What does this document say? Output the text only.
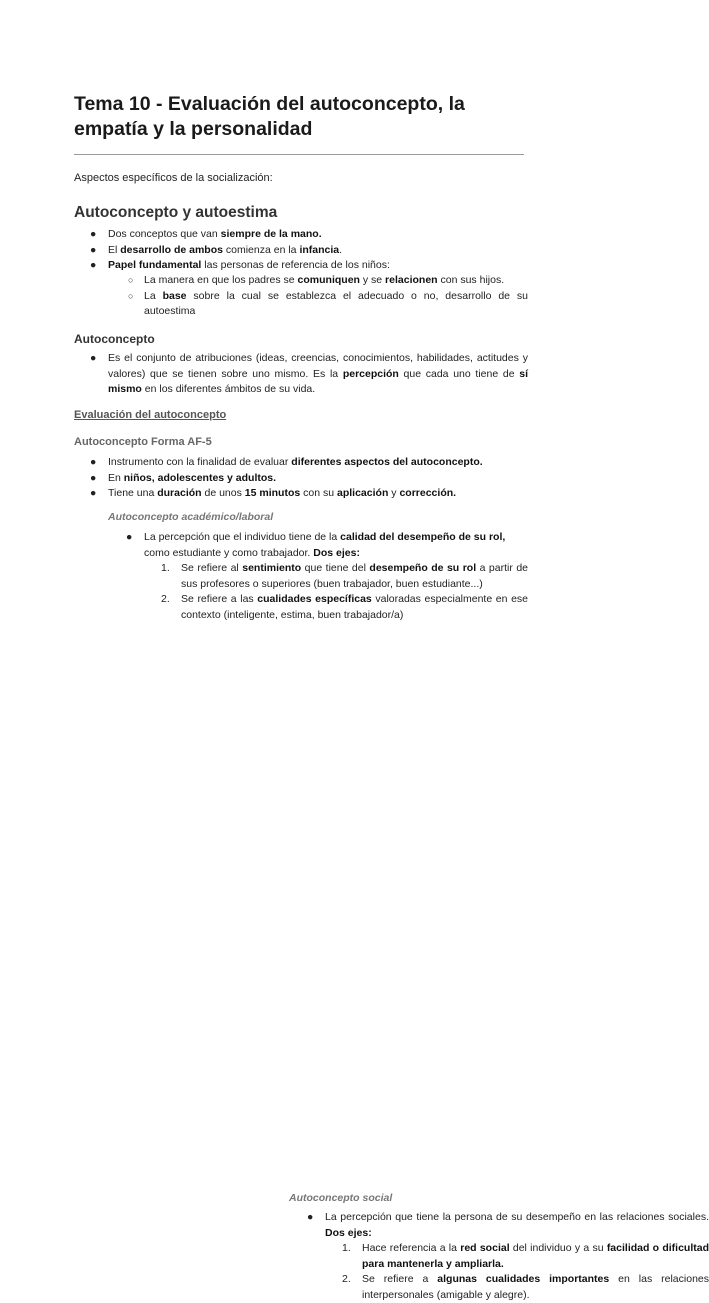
Tema 10 - Evaluación del autoconcepto, la empatía y la personalidad

Aspectos específicos de la socialización:

Autoconcepto y autoestima
● Dos conceptos que van siempre de la mano.
● El desarrollo de ambos comienza en la infancia.
● Papel fundamental las personas de referencia de los niños:
○ La manera en que los padres se comuniquen y se relacionen con sus hijos.
○ La base sobre la cual se establezca el adecuado o no, desarrollo de su autoestima
Autoconcepto
● Es el conjunto de atribuciones (ideas, creencias, conocimientos, habilidades, actitudes y valores) que se tienen sobre uno mismo. Es la percepción que cada uno tiene de sí mismo en los diferentes ámbitos de su vida.
Evaluación del autoconcepto
Autoconcepto Forma AF-5
● Instrumento con la finalidad de evaluar diferentes aspectos del autoconcepto.
● En niños, adolescentes y adultos.
● Tiene una duración de unos 15 minutos con su aplicación y corrección.
Autoconcepto académico/laboral
● La percepción que el individuo tiene de la calidad del desempeño de su rol, como estudiante y como trabajador. Dos ejes:
1. Se refiere al sentimiento que tiene del desempeño de su rol a partir de sus profesores o superiores (buen trabajador, buen estudiante...)
2. Se refiere a las cualidades específicas valoradas especialmente en ese contexto (inteligente, estima, buen trabajador/a)
Autoconcepto social
● La percepción que tiene la persona de su desempeño en las relaciones sociales. Dos ejes:
1. Hace referencia a la red social del individuo y a su facilidad o dificultad para mantenerla y ampliarla.
2. Se refiere a algunas cualidades importantes en las relaciones interpersonales (amigable y alegre).
